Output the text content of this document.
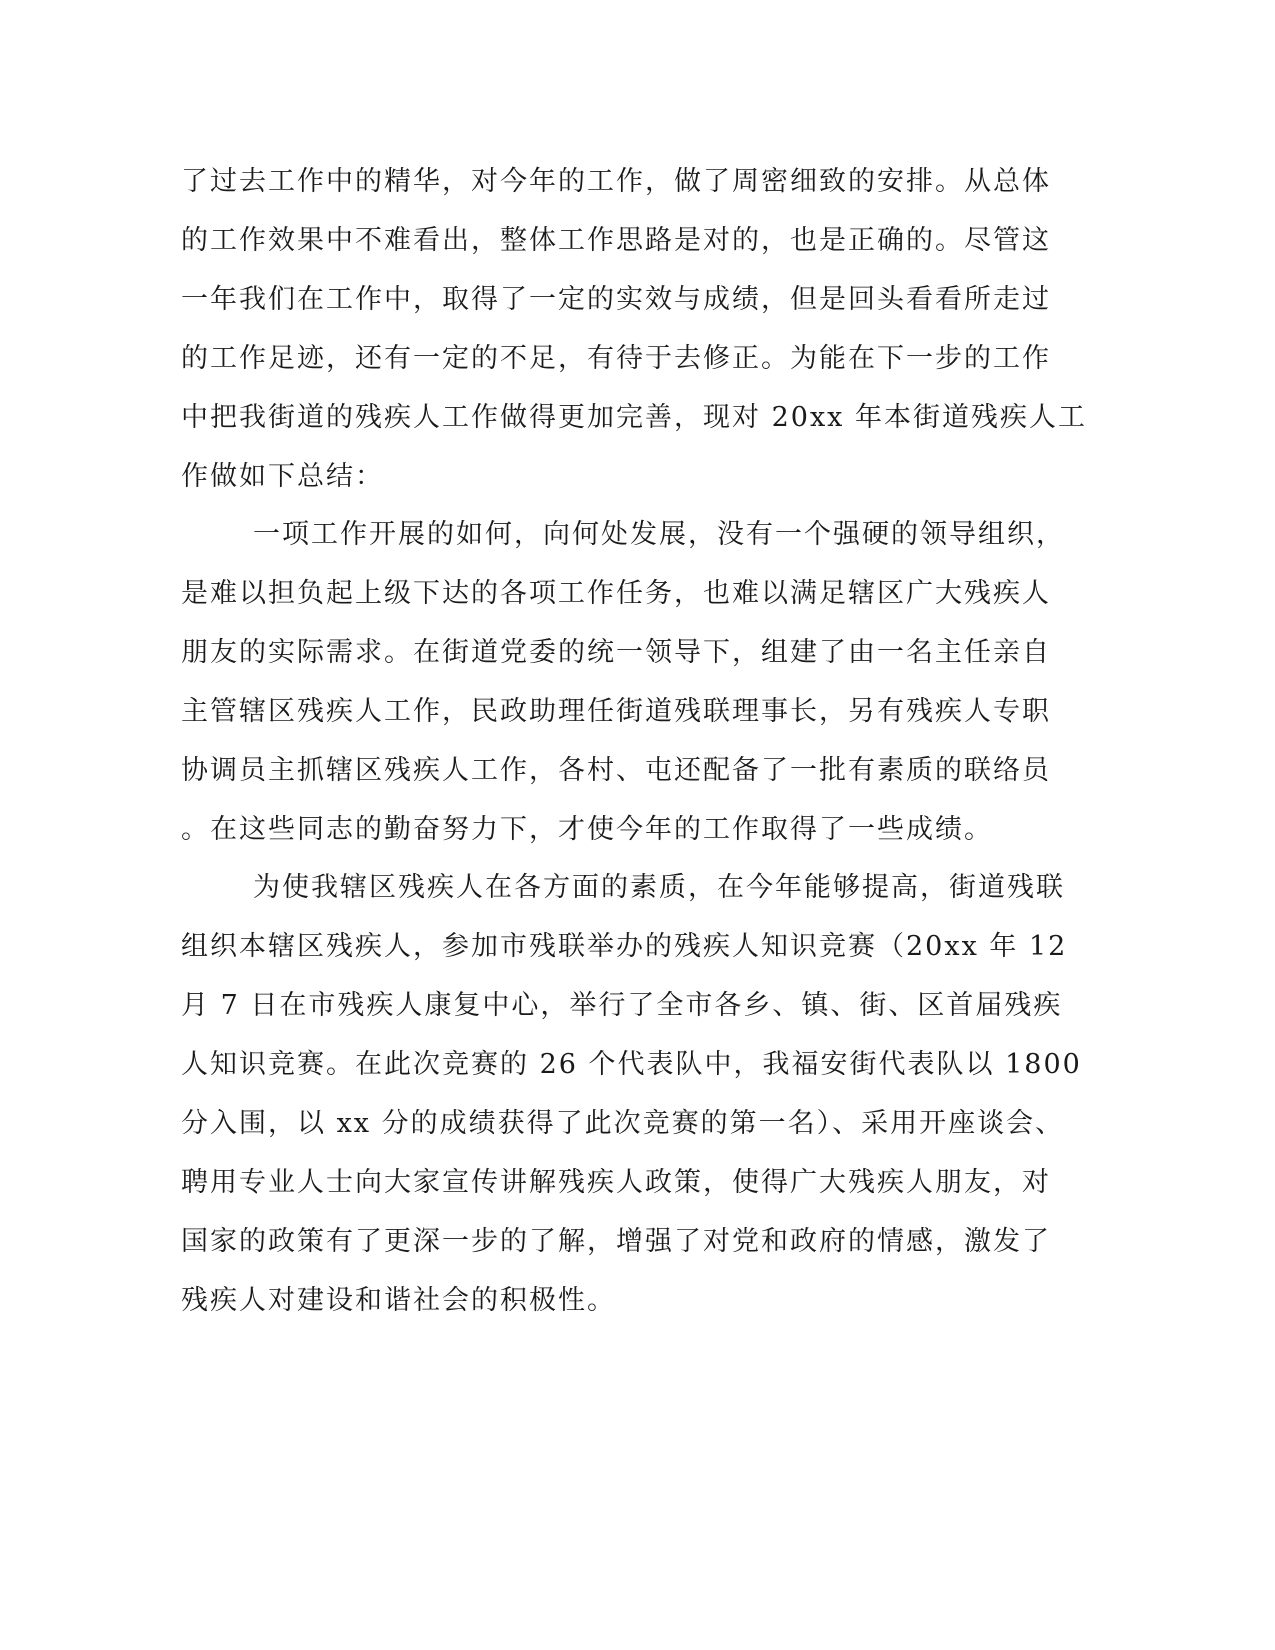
了过去工作中的精华，对今年的工作，做了周密细致的安排。从总体
的工作效果中不难看出，整体工作思路是对的，也是正确的。尽管这
一年我们在工作中，取得了一定的实效与成绩，但是回头看看所走过
的工作足迹，还有一定的不足，有待于去修正。为能在下一步的工作
中把我街道的残疾人工作做得更加完善，现对 20xx 年本街道残疾人工
作做如下总结：
一项工作开展的如何，向何处发展，没有一个强硬的领导组织，
是难以担负起上级下达的各项工作任务，也难以满足辖区广大残疾人
朋友的实际需求。在街道党委的统一领导下，组建了由一名主任亲自
主管辖区残疾人工作，民政助理任街道残联理事长，另有残疾人专职
协调员主抓辖区残疾人工作，各村、屯还配备了一批有素质的联络员
。在这些同志的勤奋努力下，才使今年的工作取得了一些成绩。
为使我辖区残疾人在各方面的素质，在今年能够提高，街道残联
组织本辖区残疾人，参加市残联举办的残疾人知识竞赛（20xx 年 12
月 7 日在市残疾人康复中心，举行了全市各乡、镇、街、区首届残疾
人知识竞赛。在此次竞赛的 26 个代表队中，我福安街代表队以 1800
分入围，以 xx 分的成绩获得了此次竞赛的第一名）、采用开座谈会、
聘用专业人士向大家宣传讲解残疾人政策，使得广大残疾人朋友，对
国家的政策有了更深一步的了解，增强了对党和政府的情感，激发了
残疾人对建设和谐社会的积极性。
